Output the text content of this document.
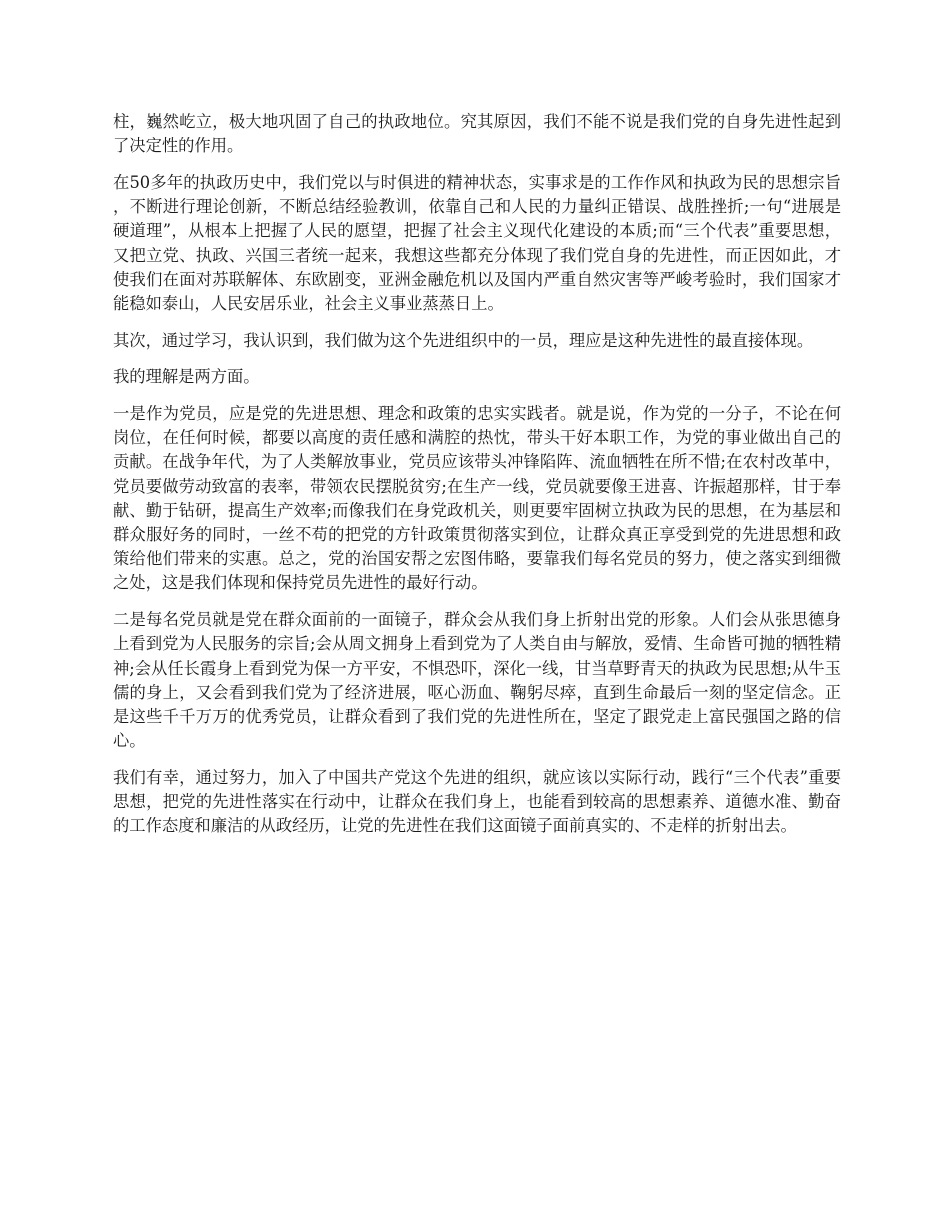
柱，巍然屹立，极大地巩固了自己的执政地位。究其原因，我们不能不说是我们党的自身先进性起到了决定性的作用。

在50多年的执政历史中，我们党以与时俱进的精神状态，实事求是的工作作风和执政为民的思想宗旨，不断进行理论创新，不断总结经验教训，依靠自己和人民的力量纠正错误、战胜挫折;一句“进展是硬道理”，从根本上把握了人民的愿望，把握了社会主义现代化建设的本质;而“三个代表”重要思想，又把立党、执政、兴国三者统一起来，我想这些都充分体现了我们党自身的先进性，而正因如此，才使我们在面对苏联解体、东欧剧变，亚洲金融危机以及国内严重自然灾害等严峻考验时，我们国家才能稳如泰山，人民安居乐业，社会主义事业蒸蒸日上。

其次，通过学习，我认识到，我们做为这个先进组织中的一员，理应是这种先进性的最直接体现。

我的理解是两方面。

一是作为党员，应是党的先进思想、理念和政策的忠实实践者。就是说，作为党的一分子，不论在何岗位，在任何时候，都要以高度的责任感和满腔的热忱，带头干好本职工作，为党的事业做出自己的贡献。在战争年代，为了人类解放事业，党员应该带头冲锋陷阵、流血牺牲在所不惜;在农村改革中，党员要做劳动致富的表率，带领农民摆脱贫穷;在生产一线，党员就要像王进喜、许振超那样，甘于奉献、勤于钻研，提高生产效率;而像我们在身党政机关，则更要牢固树立执政为民的思想，在为基层和群众服好务的同时，一丝不苟的把党的方针政策贯彻落实到位，让群众真正享受到党的先进思想和政策给他们带来的实惠。总之，党的治国安帮之宏图伟略，要靠我们每名党员的努力，使之落实到细微之处，这是我们体现和保持党员先进性的最好行动。

二是每名党员就是党在群众面前的一面镜子，群众会从我们身上折射出党的形象。人们会从张思德身上看到党为人民服务的宗旨;会从周文拥身上看到党为了人类自由与解放，爱情、生命皆可抛的牺牲精神;会从任长霞身上看到党为保一方平安，不惧恐吓，深化一线，甘当草野青天的执政为民思想;从牛玉儒的身上，又会看到我们党为了经济进展，呕心沥血、鞠躬尽瘁，直到生命最后一刻的坚定信念。正是这些千千万万的优秀党员，让群众看到了我们党的先进性所在，坚定了跟党走上富民强国之路的信心。

我们有幸，通过努力，加入了中国共产党这个先进的组织，就应该以实际行动，践行“三个代表”重要思想，把党的先进性落实在行动中，让群众在我们身上，也能看到较高的思想素养、道德水准、勤奋的工作态度和廉洁的从政经历，让党的先进性在我们这面镜子面前真实的、不走样的折射出去。
